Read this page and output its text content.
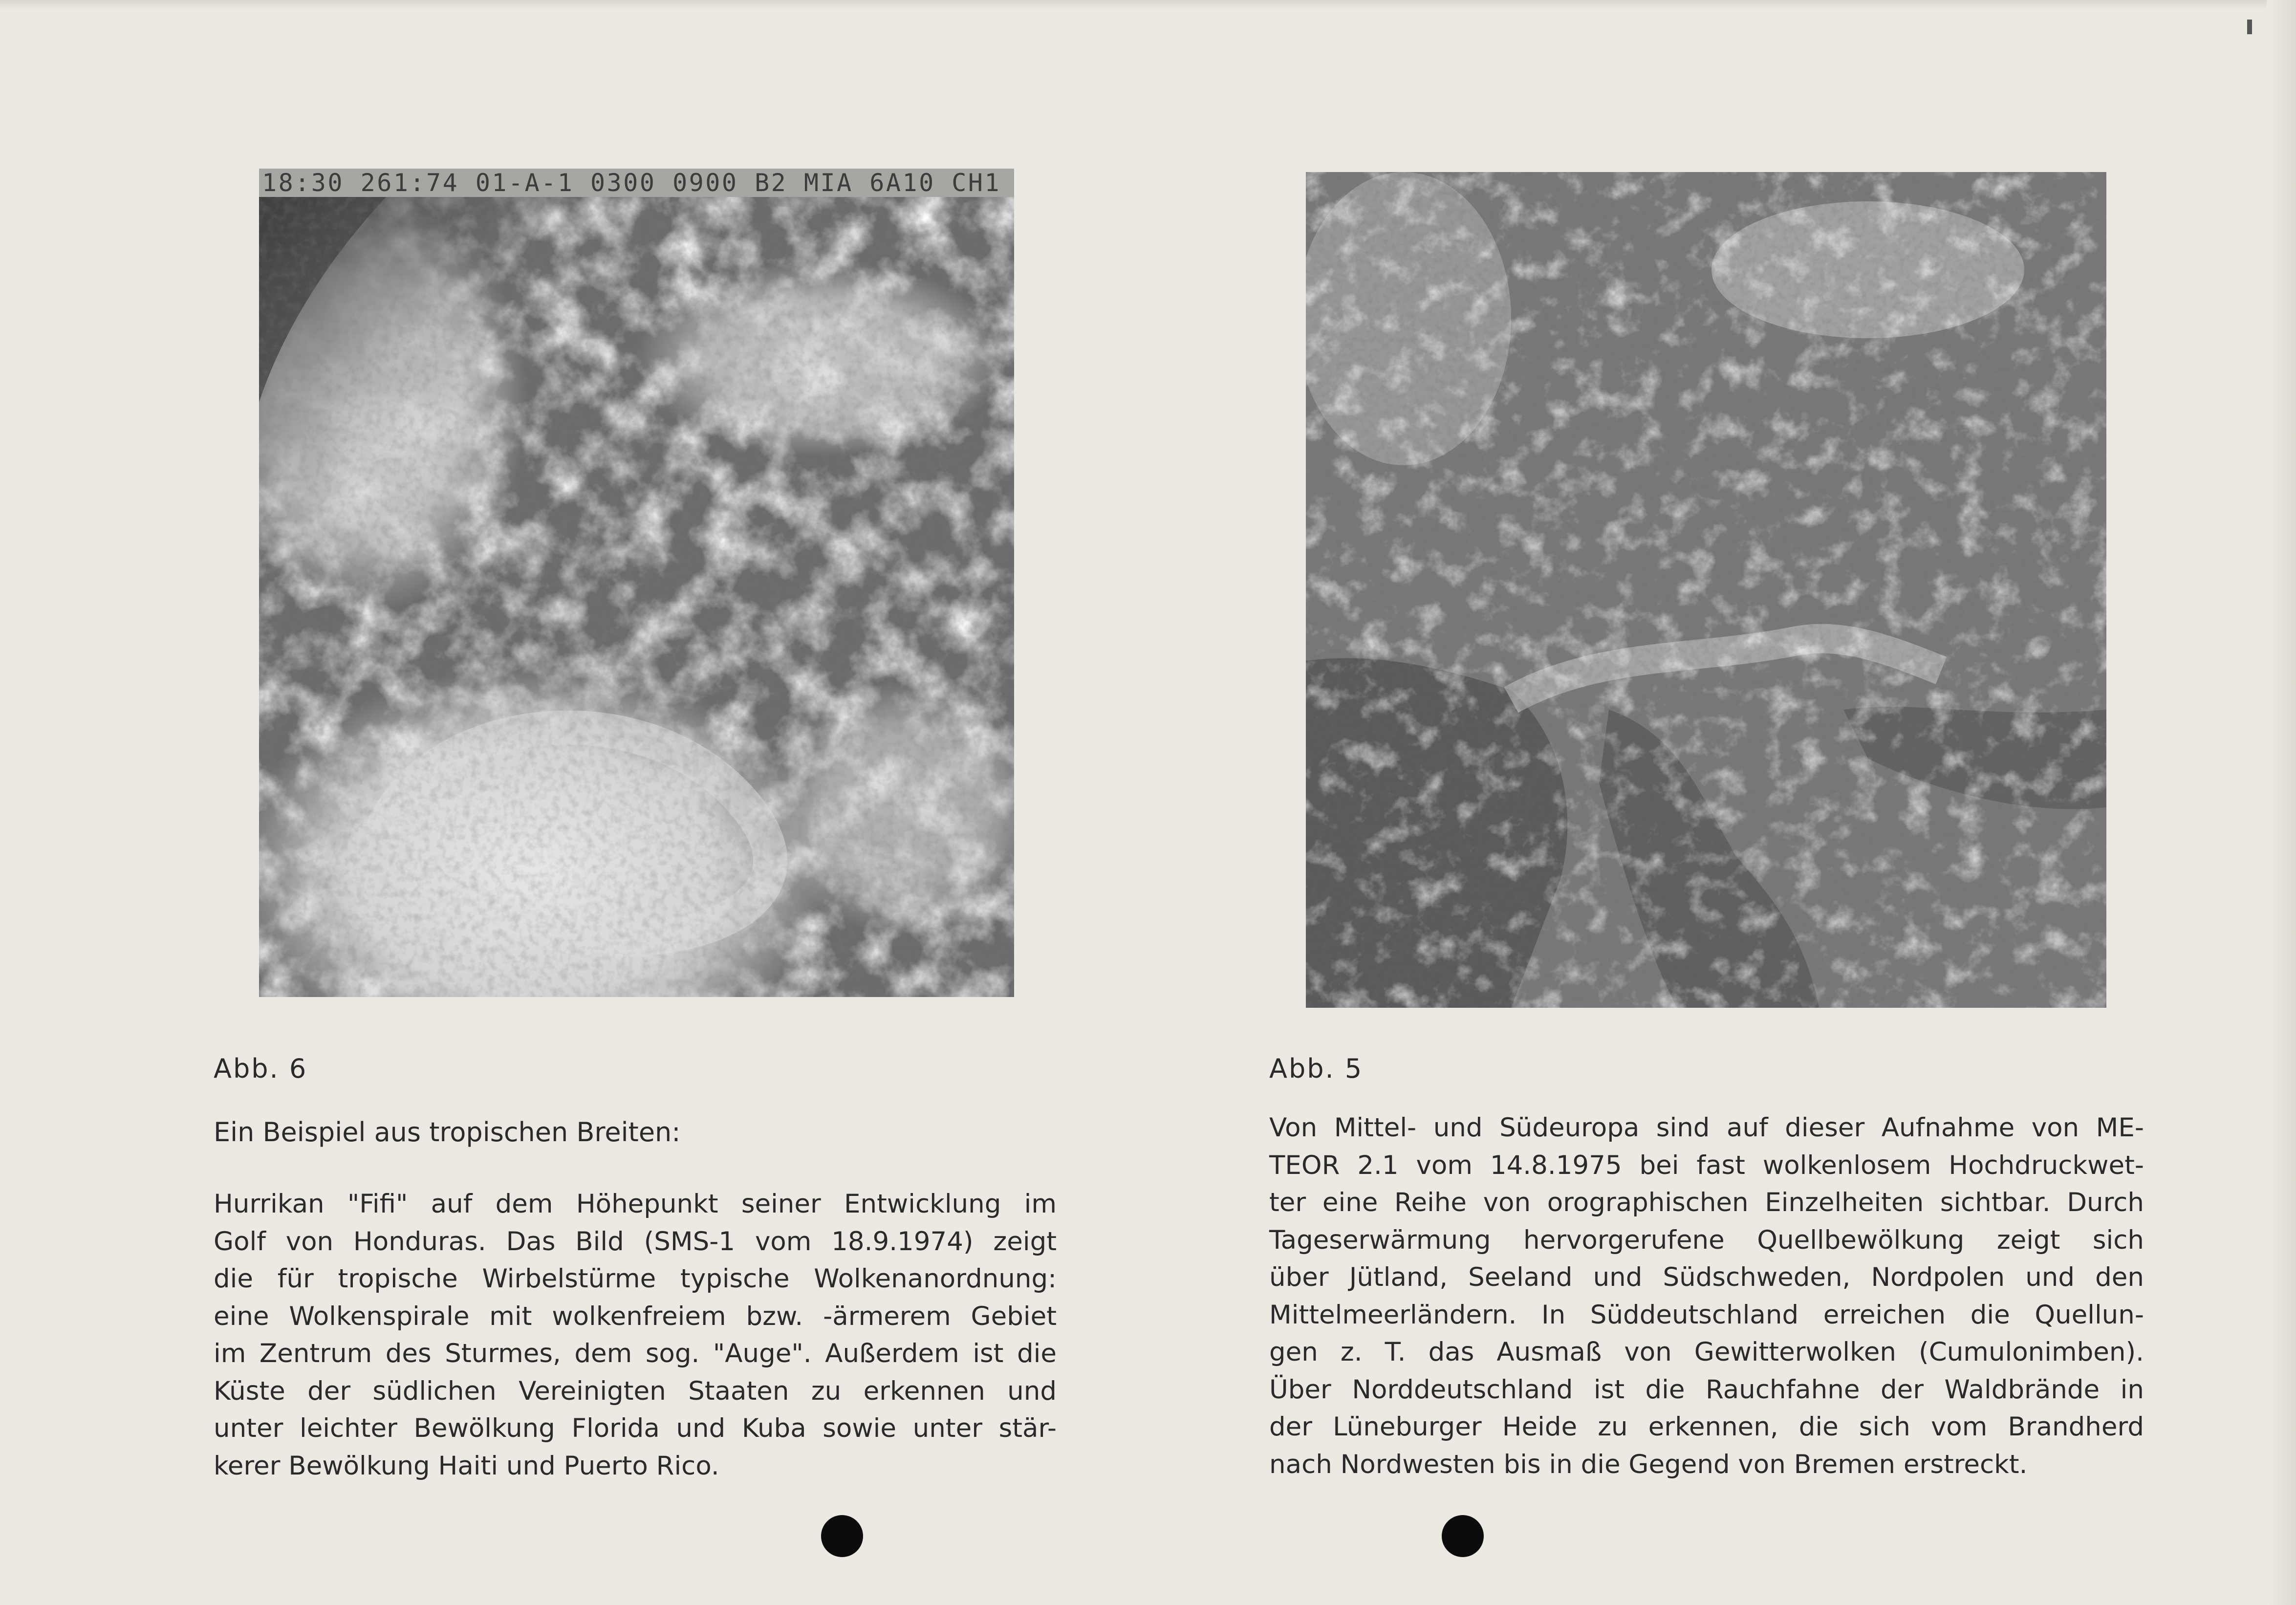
18:30 261:74 01-A-1 0300 0900 B2 MIA 6A10 CH1
Abb. 6
Ein Beispiel aus tropischen Breiten:
Hurrikan "Fifi" auf dem Höhepunkt seiner Entwicklung im
Golf von Honduras. Das Bild (SMS-1 vom 18.9.1974) zeigt
die für tropische Wirbelstürme typische Wolkenanordnung:
eine Wolkenspirale mit wolkenfreiem bzw. -ärmerem Gebiet
im Zentrum des Sturmes, dem sog. "Auge". Außerdem ist die
Küste der südlichen Vereinigten Staaten zu erkennen und
unter leichter Bewölkung Florida und Kuba sowie unter stär-
kerer Bewölkung Haiti und Puerto Rico.
Abb. 5
Von Mittel- und Südeuropa sind auf dieser Aufnahme von ME-
TEOR 2.1 vom 14.8.1975 bei fast wolkenlosem Hochdruckwet-
ter eine Reihe von orographischen Einzelheiten sichtbar. Durch
Tageserwärmung hervorgerufene Quellbewölkung zeigt sich
über Jütland, Seeland und Südschweden, Nordpolen und den
Mittelmeerländern. In Süddeutschland erreichen die Quellun-
gen z. T. das Ausmaß von Gewitterwolken (Cumulonimben).
Über Norddeutschland ist die Rauchfahne der Waldbrände in
der Lüneburger Heide zu erkennen, die sich vom Brandherd
nach Nordwesten bis in die Gegend von Bremen erstreckt.
